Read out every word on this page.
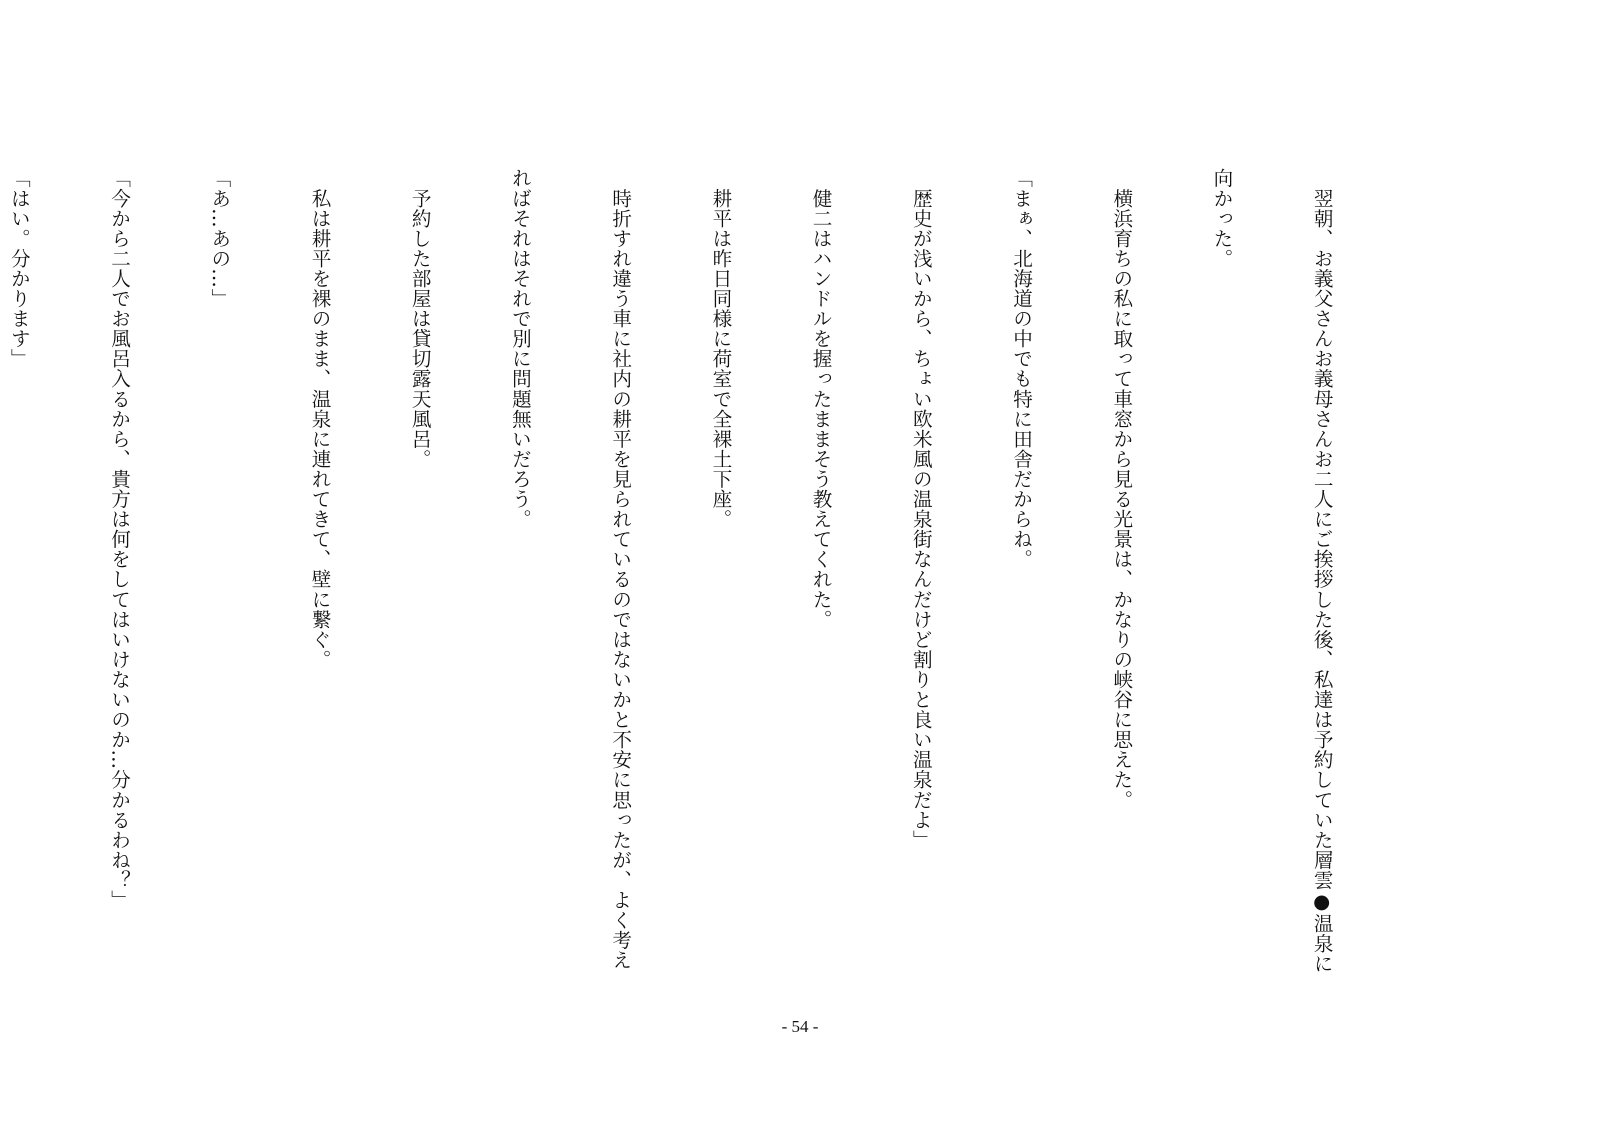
　翌朝、お義父さんお義母さんお二人にご挨拶した後、私達は予約していた層雲●温泉に

向かった。

　横浜育ちの私に取って車窓から見る光景は、かなりの峡谷に思えた。

「まぁ、北海道の中でも特に田舎だからね。

　歴史が浅いから、ちょい欧米風の温泉街なんだけど割りと良い温泉だよ」

　健二はハンドルを握ったままそう教えてくれた。

　耕平は昨日同様に荷室で全裸土下座。

　時折すれ違う車に社内の耕平を見られているのではないかと不安に思ったが、よく考え

ればそれはそれで別に問題無いだろう。

　予約した部屋は貸切露天風呂。

　私は耕平を裸のまま、温泉に連れてきて、壁に繋ぐ。

「あ…あの…」

「今から二人でお風呂入るから、貴方は何をしてはいけないのか…分かるわね？」

「はい。分かります」

- 54 -
